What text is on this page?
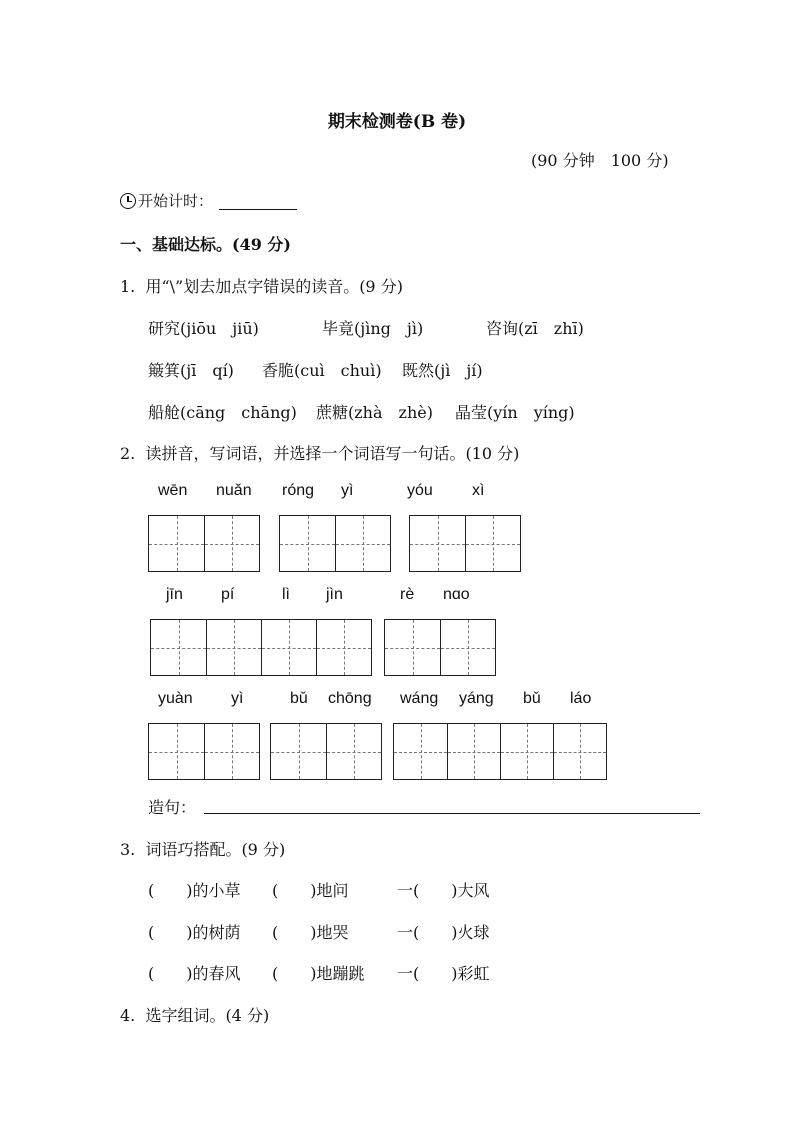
期末检测卷(B 卷)
(90 分钟　100 分)
开始计时：
一、基础达标。(49 分)
1.  用“\”划去加点字错误的读音。(9 分)
研究(jiōu　jiū)	毕竟(jìng　jì)	咨询(zī　zhī)
簸箕(jī　qí) 香脆(cuì　chuì) 既然(jì　jí)
船舱(cāng　chāng) 蔗糖(zhà　zhè) 晶莹(yín　yíng)
2.  读拼音，写词语，并选择一个词语写一句话。(10 分)
wēn nuǎn róng yì	yóu xì
jīn pí	lì jìn	rè nɑo
yuàn yì	bǔ chōng wáng yáng bǔ láo
造句：
3.  词语巧搭配。(9 分)
(　　)的小草 (　　)地问	一(　　)大风
(　　)的树荫 (　　)地哭	一(　　)火球
(　　)的春风 (　　)地蹦跳 一(　　)彩虹
4.  选字组词。(4 分)
